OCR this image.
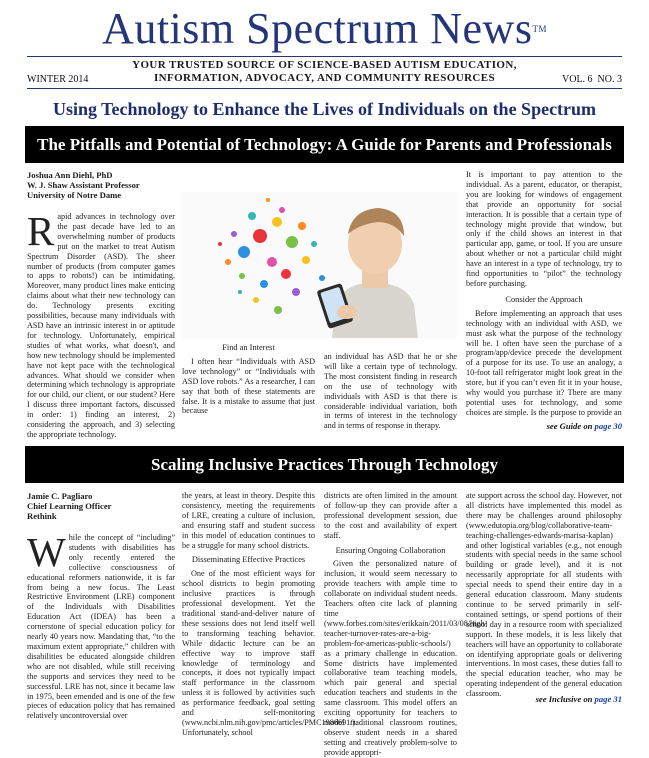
Autism Spectrum News™
YOUR TRUSTED SOURCE OF SCIENCE-BASED AUTISM EDUCATION,
INFORMATION, ADVOCACY, AND COMMUNITY RESOURCES
WINTER 2014	VOL. 6  NO. 3
Using Technology to Enhance the Lives of Individuals on the Spectrum
The Pitfalls and Potential of Technology: A Guide for Parents and Professionals
Joshua Ann Diehl, PhD
W. J. Shaw Assistant Professor
University of Notre Dame
R apid advances in technology over the past decade have led to an overwhelming number of products put on the market to treat Autism Spectrum Disorder (ASD). The sheer number of products (from computer games to apps to robots!) can be intimidating. Moreover, many product lines make enticing claims about what their new technology can do. Technology presents exciting possibilities, because many individuals with ASD have an intrinsic interest in or aptitude for technology. Unfortunately, empirical studies of what works, what doesn't, and how new technology should be implemented have not kept pace with the technological advances. What should we consider when determining which technology is appropriate for our child, our client, or our student? Here I discuss three important factors, discussed in order: 1) finding an interest, 2) considering the approach, and 3) selecting the appropriate technology.
Find an Interest
I often hear “Individuals with ASD love technology” or “Individuals with ASD love robots.” As a researcher, I can say that both of these statements are false. It is a mistake to assume that just because
an individual has ASD that he or she will like a certain type of technology. The most consistent finding in research on the use of technology with individuals with ASD is that there is considerable individual variation, both in terms of interest in the technology and in terms of response in therapy.
It is important to pay attention to the individual. As a parent, educator, or therapist, you are looking for windows of engagement that provide an opportunity for social interaction. It is possible that a certain type of technology might provide that window, but only if the child shows an interest in that particular app, game, or tool. If you are unsure about whether or not a particular child might have an interest in a type of technology, try to find opportunities to “pilot” the technology before purchasing.
Consider the Approach
Before implementing an approach that uses technology with an individual with ASD, we must ask what the purpose of the technology will be. I often have seen the purchase of a program/app/device precede the development of a purpose for its use. To use an analogy, a 10-foot tall refrigerator might look great in the store, but if you can’t even fit it in your house, why would you purchase it? There are many potential uses for technology, and some choices are simple. Is the purpose to provide an
see Guide on page 30
Scaling Inclusive Practices Through Technology
Jamie C. Pagliaro
Chief Learning Officer
Rethink
W hile the concept of “including” students with disabilities has only recently entered the collective consciousness of educational reformers nationwide, it is far from being a new focus. The Least Restrictive Environment (LRE) component of the Individuals with Disabilities Education Act (IDEA) has been a cornerstone of special education policy for nearly 40 years now. Mandating that, “to the maximum extent appropriate,” children with disabilities be educated alongside children who are not disabled, while still receiving the supports and services they need to be successful. LRE has not, since it became law in 1975, been emended and is one of the few pieces of education policy that has remained relatively uncontroversial over
the years, at least in theory. Despite this consistency, meeting the requirements of LRE, creating a culture of inclusion, and ensuring staff and student success in this model of education continues to be a struggle for many school districts.
Disseminating Effective Practices
One of the most efficient ways for school districts to begin promoting inclusive practices is through professional development. Yet the traditional stand-and-deliver nature of these sessions does not lend itself well to transforming teaching behavior. While didactic lecture can be an effective way to improve staff knowledge of terminology and concepts, it does not typically impact staff performance in the classroom unless it is followed by activities such as performance feedback, goal setting and self-monitoring (www.ncbi.nlm.nih.gov/pmc/articles/PMC1986691/). Unfortunately, school
districts are often limited in the amount of follow-up they can provide after a professional development session, due to the cost and availability of expert staff.
Ensuring Ongoing Collaboration
Given the personalized nature of inclusion, it would seem necessary to provide teachers with ample time to collaborate on individual student needs. Teachers often cite lack of planning time (www.forbes.com/sites/erikkain/2011/03/08/high-teacher-turnover-rates-are-a-big-problem-for-americas-public-schools/) as a primary challenge in education. Some districts have implemented collaborative team teaching models, which pair general and special education teachers and students in the same classroom. This model offers an exciting opportunity for teachers to model traditional classroom routines, observe student needs in a shared setting and creatively problem-solve to provide appropri-
ate support across the school day. However, not all districts have implemented this model as there may be challenges around philosophy (www.edutopia.org/blog/collaborative-team-teaching-challenges-edwards-marisa-kaplan) and other logistical variables (e.g., not enough students with special needs in the same school building or grade level), and it is not necessarily appropriate for all students with special needs to spend their entire day in a general education classroom. Many students continue to be served primarily in self-contained settings, or spend portions of their school day in a resource room with specialized support. In these models, it is less likely that teachers will have an opportunity to collaborate on identifying appropriate goals or delivering interventions. In most cases, these duties fall to the special education teacher, who may be operating independent of the general education classroom.
see Inclusive on page 31
